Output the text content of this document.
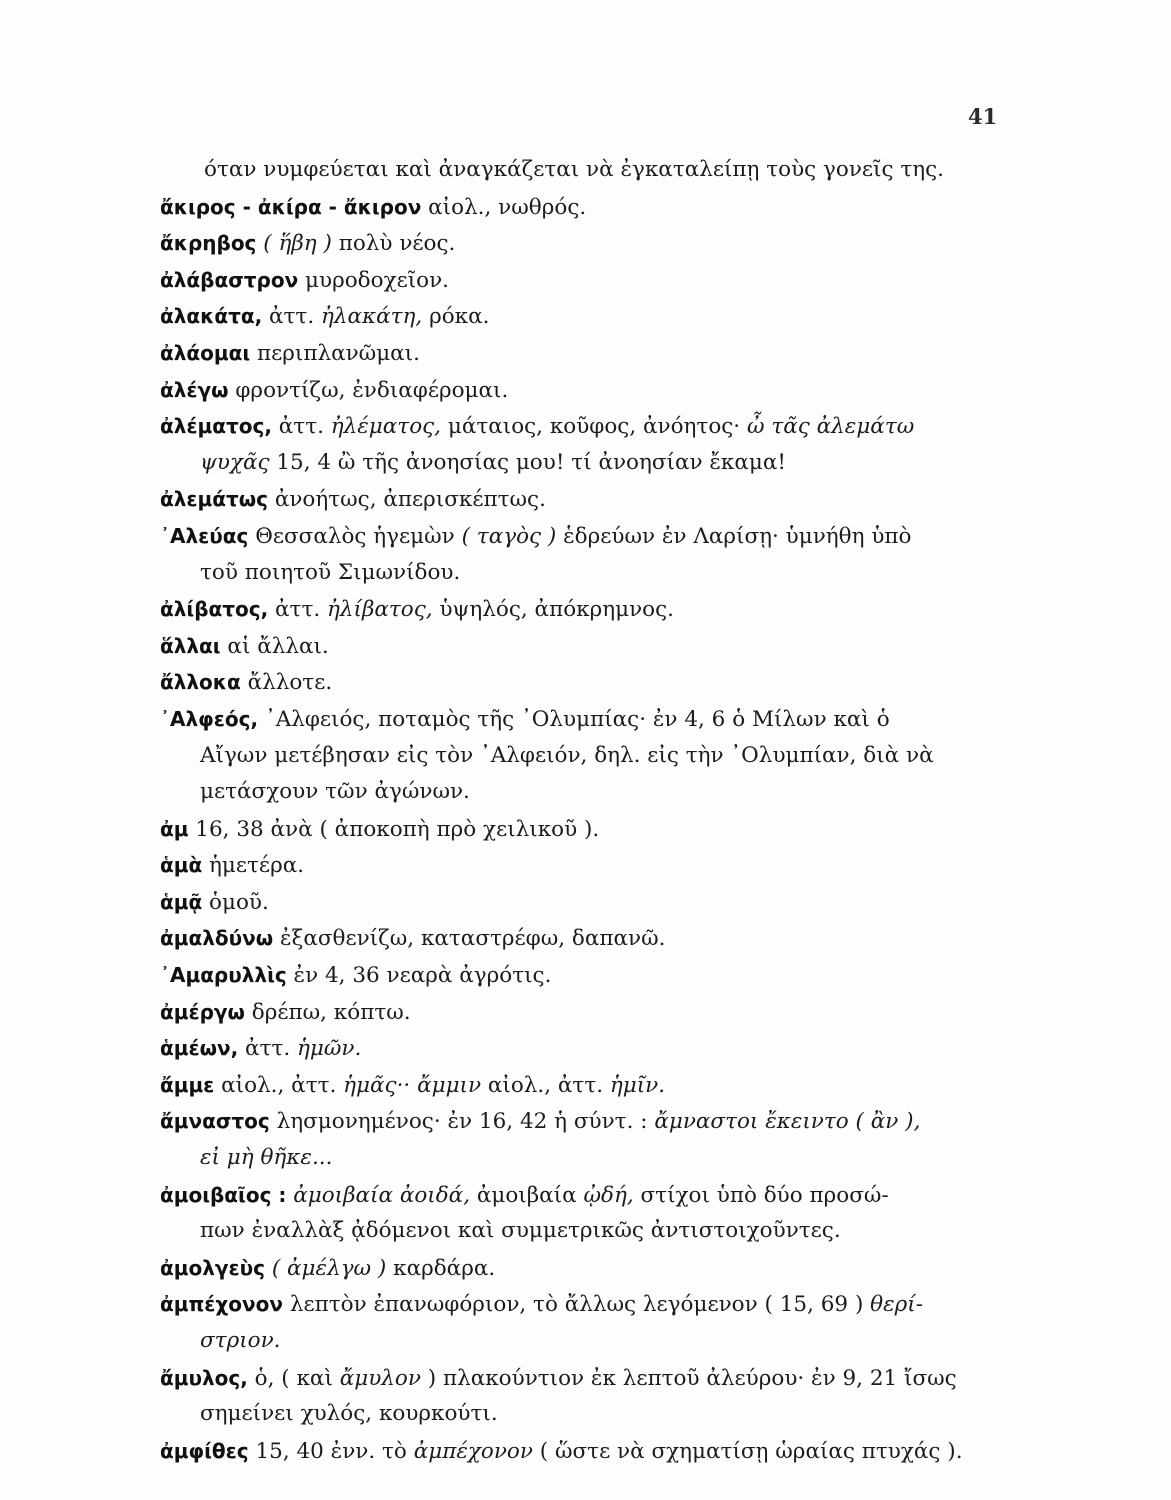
41
όταν νυμφεύεται καὶ ἀναγκάζεται νὰ ἐγκαταλείπῃ τοὺς γονεῖς της.
ἄκιρος - ἀκίρα - ἄκιρον αἰολ., νωθρός.
ἄκρηβος ( ἥβη ) πολὺ νέος.
ἀλάβαστρον μυροδοχεῖον.
ἀλακάτα, ἀττ. ἠλακάτη, ρόκα.
ἀλάομαι περιπλανῶμαι.
ἀλέγω φροντίζω, ἐνδιαφέρομαι.
ἀλέματος, ἀττ. ἠλέματος, μάταιος, κοῦφος, ἀνόητος· ὦ τᾶς ἀλεμάτω
ψυχᾶς 15, 4 ὢ τῆς ἀνοησίας μου! τί ἀνοησίαν ἔκαμα!
ἀλεμάτως ἀνοήτως, ἀπερισκέπτως.
᾿Αλεύας Θεσσαλὸς ἡγεμὼν ( ταγὸς ) ἑδρεύων ἐν Λαρίσῃ· ὑμνήθη ὑπὸ
τοῦ ποιητοῦ Σιμωνίδου.
ἀλίβατος, ἀττ. ἠλίβατος, ὑψηλός, ἀπόκρημνος.
ἅλλαι αἱ ἄλλαι.
ἄλλοκα ἄλλοτε.
᾿Αλφεός, ᾿Αλφειός, ποταμὸς τῆς ᾿Ολυμπίας· ἐν 4, 6 ὁ Μίλων καὶ ὁ
Αἴγων μετέβησαν εἰς τὸν ᾿Αλφειόν, δηλ. εἰς τὴν ᾿Ολυμπίαν, διὰ νὰ
μετάσχουν τῶν ἀγώνων.
ἀμ 16, 38 ἀνὰ ( ἀποκοπὴ πρὸ χειλικοῦ ).
ἁμὰ ἡμετέρα.
ἁμᾷ ὁμοῦ.
ἀμαλδύνω ἐξασθενίζω, καταστρέφω, δαπανῶ.
᾿Αμαρυλλὶς ἐν 4, 36 νεαρὰ ἀγρότις.
ἀμέργω δρέπω, κόπτω.
ἁμέων, ἀττ. ἡμῶν.
ἄμμε αἰολ., ἀττ. ἡμᾶς·· ἄμμιν αἰολ., ἀττ. ἡμῖν.
ἄμναστος λησμονημένος· ἐν 16, 42 ἡ σύντ. : ἄμναστοι ἔκειντο ( ἂν ),
εἰ μὴ θῆκε...
ἀμοιβαῖος : ἀμοιβαία ἀοιδά, ἀμοιβαία ᾠδή, στίχοι ὑπὸ δύο προσώ-
πων ἐναλλὰξ ᾀδόμενοι καὶ συμμετρικῶς ἀντιστοιχοῦντες.
ἀμολγεὺς ( ἀμέλγω ) καρδάρα.
ἀμπέχονον λεπτὸν ἐπανωφόριον, τὸ ἄλλως λεγόμενον ( 15, 69 ) θερί-
στριον.
ἄμυλος, ὁ, ( καὶ ἄμυλον ) πλακούντιον ἐκ λεπτοῦ ἀλεύρου· ἐν 9, 21 ἴσως
σημείνει χυλός, κουρκούτι.
ἀμφίθες 15, 40 ἐνν. τὸ ἀμπέχονον ( ὥστε νὰ σχηματίσῃ ὡραίας πτυχάς ).
